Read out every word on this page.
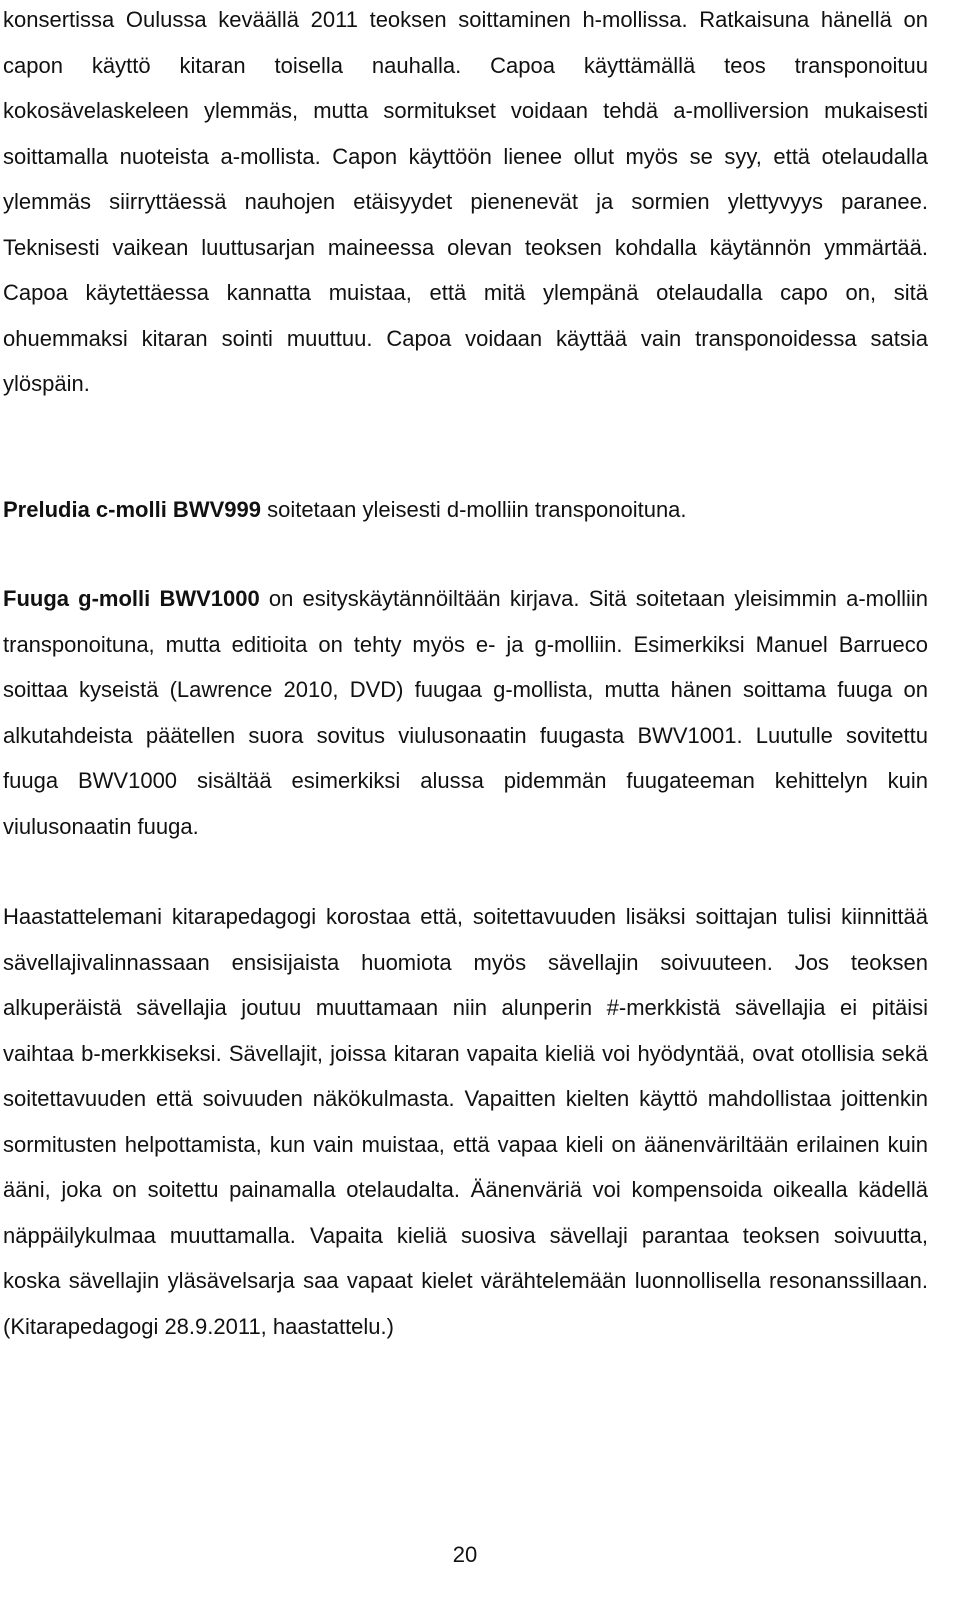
konsertissa Oulussa keväällä 2011 teoksen soittaminen h-mollissa. Ratkaisuna hänellä on capon käyttö kitaran toisella nauhalla. Capoa käyttämällä teos transponoituu kokosävelaskeleen ylemmäs, mutta sormitukset voidaan tehdä a-molliversion mukaisesti soittamalla nuoteista a-mollista. Capon käyttöön lienee ollut myös se syy, että otelaudalla ylemmäs siirryttäessä nauhojen etäisyydet pienenevät ja sormien ylettyvyys paranee. Teknisesti vaikean luuttusarjan maineessa olevan teoksen kohdalla käytännön ymmärtää. Capoa käytettäessa kannatta muistaa, että mitä ylempänä otelaudalla capo on, sitä ohuemmaksi kitaran sointi muuttuu. Capoa voidaan käyttää vain transponoidessa satsia ylöspäin.

Preludia c-molli BWV999 soitetaan yleisesti d-molliin transponoituna.

Fuuga g-molli BWV1000 on esityskäytännöiltään kirjava. Sitä soitetaan yleisimmin a-molliin transponoituna, mutta editioita on tehty myös e- ja g-molliin. Esimerkiksi Manuel Barrueco soittaa kyseistä (Lawrence 2010, DVD) fuugaa g-mollista, mutta hänen soittama fuuga on alkutahdeista päätellen suora sovitus viulusonaatin fuugasta BWV1001. Luutulle sovitettu fuuga BWV1000 sisältää esimerkiksi alussa pidemmän fuugateeman kehittelyn kuin viulusonaatin fuuga.

Haastattelemani kitarapedagogi korostaa että, soitettavuuden lisäksi soittajan tulisi kiinnittää sävellajivalinnassaan ensisijaista huomiota myös sävellajin soivuuteen. Jos teoksen alkuperäistä sävellajia joutuu muuttamaan niin alunperin #-merkkistä sävellajia ei pitäisi vaihtaa b-merkkiseksi. Sävellajit, joissa kitaran vapaita kieliä voi hyödyntää, ovat otollisia sekä soitettavuuden että soivuuden näkökulmasta. Vapaitten kielten käyttö mahdollistaa joittenkin sormitusten helpottamista, kun vain muistaa, että vapaa kieli on äänenväriltään erilainen kuin ääni, joka on soitettu painamalla otelaudalta. Äänenväriä voi kompensoida oikealla kädellä näppäilykulmaa muuttamalla. Vapaita kieliä suosiva sävellaji parantaa teoksen soivuutta, koska sävellajin yläsävelsarja saa vapaat kielet värähtelemään luonnollisella resonanssillaan. (Kitarapedagogi 28.9.2011, haastattelu.)

20
